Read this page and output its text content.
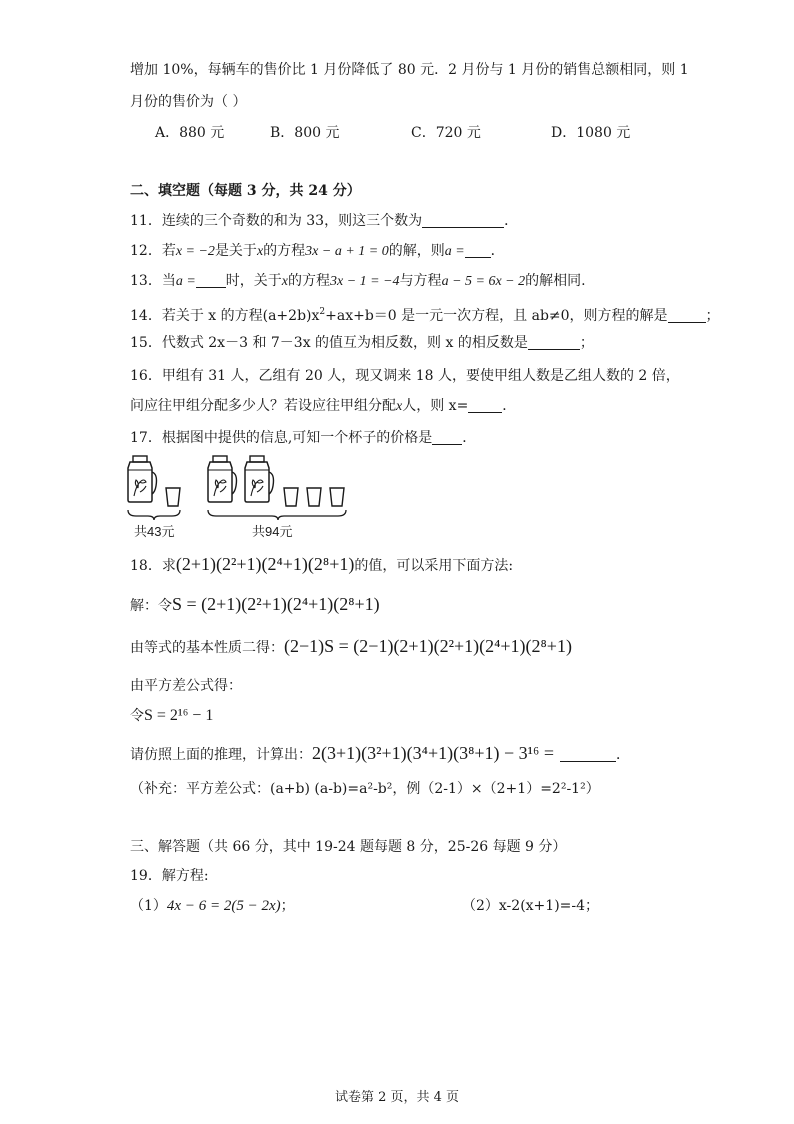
增加 10%，每辆车的售价比 1 月份降低了 80 元．2 月份与 1 月份的销售总额相同，则 1
月份的售价为（ ）
A．880 元	B．800 元	C．720 元	D．1080 元
二、填空题（每题 3 分，共 24 分）
11．连续的三个奇数的和为 33，则这三个数为	．
12．若x = −2是关于x的方程3x − a + 1 = 0的解，则a = ．
13．当a = 时，关于x的方程3x − 1 = −4与方程a − 5 = 6x − 2的解相同.
14．若关于 x 的方程$(a+2b)x^2+ax+b=0$ 是一元一次方程，且 ab≠0，则方程的解是	；
15．代数式 2x－3 和 7－3x 的值互为相反数，则 x 的相反数是	；
16．甲组有 31 人，乙组有 20 人，现又调来 18 人，要使甲组人数是乙组人数的 2 倍，
问应往甲组分配多少人？若设应往甲组分配x人，则 x= ．
17．根据图中提供的信息,可知一个杯子的价格是 ．
共43元	共94元
18．求(2+1)(2²+1)(2⁴+1)(2⁸+1)的值，可以采用下面方法:
解：令S = (2+1)(2²+1)(2⁴+1)(2⁸+1)
由等式的基本性质二得：(2−1)S = (2−1)(2+1)(2²+1)(2⁴+1)(2⁸+1)
由平方差公式得：
令S = 2¹⁶ − 1
请仿照上面的推理，计算出：2(3+1)(3²+1)(3⁴+1)(3⁸+1) − 3¹⁶ =	．
（补充：平方差公式：(a+b) (a-b)=a²-b²，例（2-1）×（2+1）=2²-1²）
三、解答题（共 66 分，其中 19-24 题每题 8 分，25-26 每题 9 分）
19．解方程:
（1）4x − 6 = 2(5 − 2x)；	（2）x-2(x+1)=-4；
试卷第 2 页，共 4 页
